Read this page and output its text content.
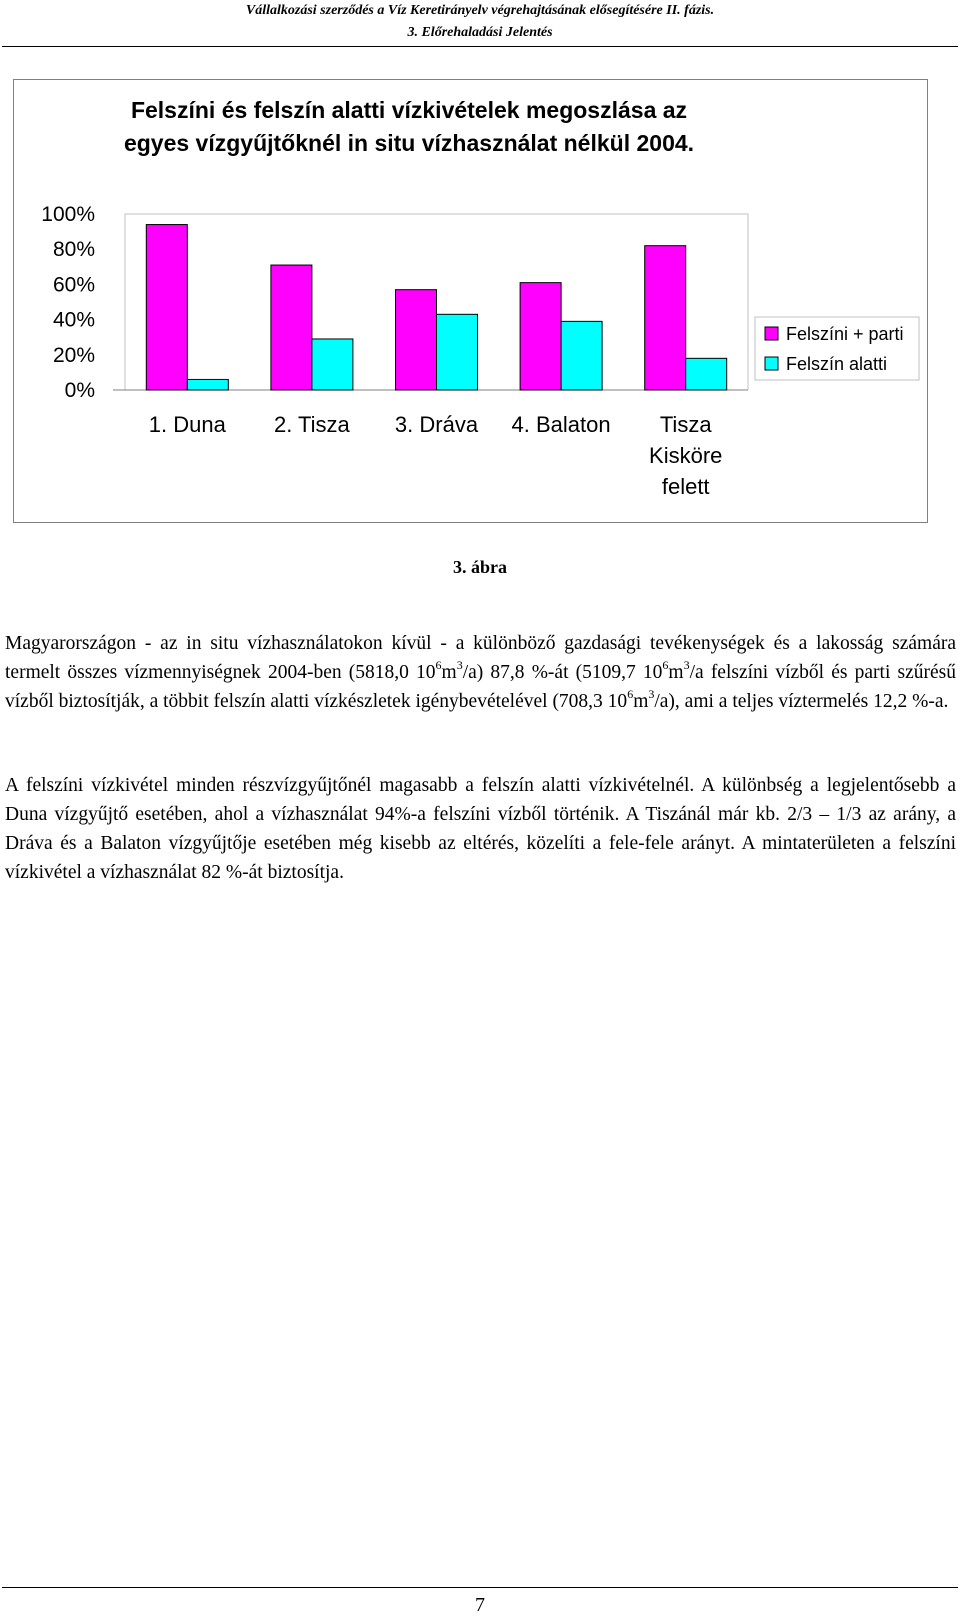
Vállalkozási szerződés a Víz Keretirányelv végrehajtásának elősegítésére II. fázis.
3. Előrehaladási Jelentés
Felszíni és felszín alatti vízkivételek megoszlása az egyes vízgyűjtőknél in situ vízhasználat nélkül 2004.
0%
20%
40%
60%
80%
100%
1. Duna 2. Tisza 3. Dráva 4. Balaton Tisza
Kisköre
felett
Felszíni + parti
Felszín alatti
3. ábra
Magyarországon - az in situ vízhasználatokon kívül - a különböző gazdasági tevékenységek és a lakosság számára termelt összes vízmennyiségnek 2004-ben (5818,0 $10^6m^3/a$) 87,8 %-át (5109,7 $10^6m^3/a$ felszíni vízből és parti szűrésű vízből biztosítják, a többit felszín alatti vízkészletek igénybevételével (708,3 $10^6m^3/a$), ami a teljes víztermelés 12,2 %-a.
A felszíni vízkivétel minden részvízgyűjtőnél magasabb a felszín alatti vízkivételnél. A különbség a legjelentősebb a Duna vízgyűjtő esetében, ahol a vízhasználat 94%-a felszíni vízből történik. A Tiszánál már kb. 2/3 – 1/3 az arány, a Dráva és a Balaton vízgyűjtője esetében még kisebb az eltérés, közelíti a fele-fele arányt. A mintaterületen a felszíni vízkivétel a vízhasználat 82 %-át biztosítja.
7
